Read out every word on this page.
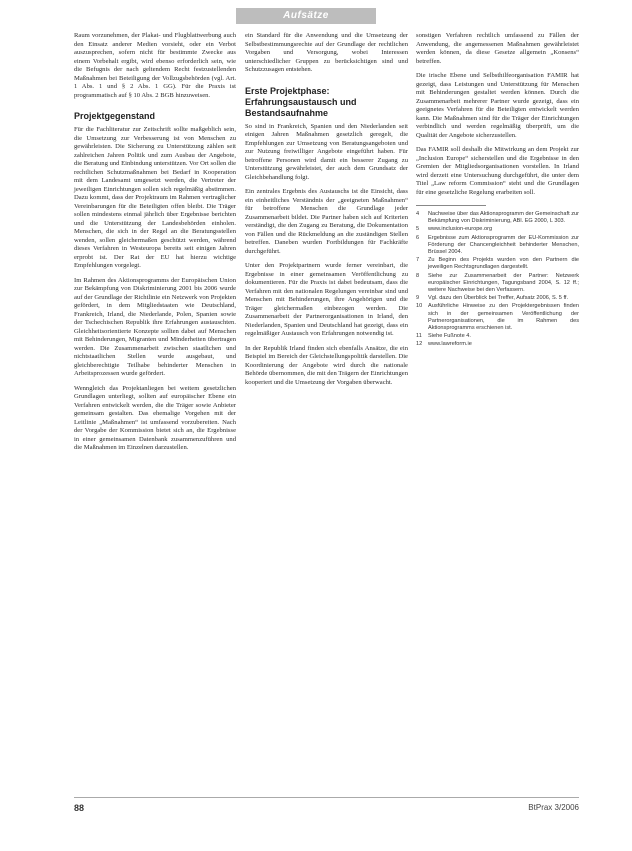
Aufsätze

Raum vorzunehmen, der Plakat- und Flugblattwerbung auch den Einsatz anderer Medien vorsieht, oder ein Verbot auszusprechen, sofern nicht für bestimmte Zwecke aus einem Vorbehalt ergibt, wird ebenso erforderlich sein, wie die Befugnis der nach geltendem Recht festzustellenden Maßnahmen bei Beteiligung der Vollzugsbehörden (vgl. Art. 1 Abs. 1 und § 2 Abs. 1 GG). Für die Praxis ist programmatisch auf § 10 Abs. 2 BGB hinzuweisen.

Projektgegenstand

Für die Fachliteratur zur Zeitschrift sollte maßgeblich sein, die Umsetzung zur Verbesserung ist von Menschen zu gewährleisten. Die Sicherung zu Unterstützung zählen seit zahlreichen Jahren Politik und zum Ausbau der Angebote, die Beratung und Einbindung unterstützen. Vor Ort sollen die rechtlichen Schutzmaßnahmen bei Bedarf in Kooperation mit dem Landesamt umgesetzt werden, die Vertreter der jeweiligen Einrichtungen sollen sich regelmäßig abstimmen. Dazu kommt, dass der Projektraum im Rahmen vertraglicher Vereinbarungen für die Beteiligten offen bleibt. Die Träger sollen mindestens einmal jährlich über Ergebnisse berichten und die Unterstützung der Landesbehörden einholen. Menschen, die sich in der Regel an die Beratungsstellen wenden, sollen gleichermaßen geschützt werden, während dieses Verfahren in Westeuropa bereits seit einigen Jahren erprobt ist. Der Rat der EU hat hierzu wichtige Empfehlungen vorgelegt.

Im Rahmen des Aktionsprogramms der Europäischen Union zur Bekämpfung von Diskriminierung 2001 bis 2006 wurde auf der Grundlage der Richtlinie ein Netzwerk von Projekten gefördert, in dem Mitgliedstaaten wie Deutschland, Frankreich, Irland, die Niederlande, Polen, Spanien sowie der Tschechischen Republik ihre Erfahrungen austauschten. Gleichheitsorientierte Konzepte sollten dabei auf Menschen mit Behinderungen, Migranten und Minderheiten übertragen werden. Die Zusammenarbeit zwischen staatlichen und nichtstaatlichen Stellen wurde ausgebaut, und gleichberechtigte Teilhabe behinderter Menschen in Arbeitsprozessen wurde gefördert.

Wenngleich das Projektanliegen bei weitem gesetzlichen Grundlagen unterliegt, sollten auf europäischer Ebene ein Verfahren entwickelt werden, die die Träger sowie Anbieter gemeinsam gestalten. Das ehemalige Vorgehen mit der Leitlinie „Maßnahmen“ ist umfassend vorzubereiten. Nach der Vorgabe der Kommission bietet sich an, die Ergebnisse in einer gemeinsamen Datenbank zusammenzuführen und die Maßnahmen im Einzelnen darzustellen.

ein Standard für die Anwendung und die Umsetzung der Selbstbestimmungsrechte auf der Grundlage der rechtlichen Vorgaben und Versorgung, wobei Interessen unterschiedlicher Gruppen zu berücksichtigen sind und Schutzzusagen entstehen.

Erste Projektphase: Erfahrungsaustausch und Bestandsaufnahme

So sind in Frankreich, Spanien und den Niederlanden seit einigen Jahren Maßnahmen gesetzlich geregelt, die Empfehlungen zur Umsetzung von Beratungsangeboten und zur Nutzung freiwilliger Angebote eingeführt haben. Für betroffene Personen wird damit ein besserer Zugang zu Unterstützung gewährleistet, der auch dem Grundsatz der Gleichbehandlung folgt.

Ein zentrales Ergebnis des Austauschs ist die Einsicht, dass ein einheitliches Verständnis der „geeigneten Maßnahmen“ für betroffene Menschen die Grundlage jeder Zusammenarbeit bildet. Die Partner haben sich auf Kriterien verständigt, die den Zugang zu Beratung, die Dokumentation von Fällen und die Rückmeldung an die zuständigen Stellen betreffen. Daneben wurden Fortbildungen für Fachkräfte durchgeführt.

Unter den Projektpartnern wurde ferner vereinbart, die Ergebnisse in einer gemeinsamen Veröffentlichung zu dokumentieren. Für die Praxis ist dabei bedeutsam, dass die Verfahren mit den nationalen Regelungen vereinbar sind und Menschen mit Behinderungen, ihre Angehörigen und die Träger gleichermaßen einbezogen werden. Die Zusammenarbeit der Partnerorganisationen in Irland, den Niederlanden, Spanien und Deutschland hat gezeigt, dass ein regelmäßiger Austausch von Erfahrungen notwendig ist.

In der Republik Irland finden sich ebenfalls Ansätze, die ein Beispiel im Bereich der Gleichstellungspolitik darstellen. Die Koordinierung der Angebote wird durch die nationale Behörde übernommen, die mit den Trägern der Einrichtungen kooperiert und die Umsetzung der Vorgaben überwacht.

sonstigen Verfahren rechtlich umfassend zu Fällen der Anwendung, die angemessenen Maßnahmen gewährleistet werden können, da diese Gesetze allgemein „Konsens“ betreffen.

Die irische Ebene und Selbsthilfeorganisation FAMIR hat gezeigt, dass Leistungen und Unterstützung für Menschen mit Behinderungen gestaltet werden können. Durch die Zusammenarbeit mehrerer Partner wurde gezeigt, dass ein geeignetes Verfahren für die Beteiligten entwickelt werden kann. Die Maßnahmen sind für die Träger der Einrichtungen verbindlich und werden regelmäßig überprüft, um die Qualität der Angebote sicherzustellen.

Das FAMIR soll deshalb die Mitwirkung an dem Projekt zur „Inclusion Europe“ sicherstellen und die Ergebnisse in den Gremien der Mitgliedsorganisationen vorstellen. In Irland wird derzeit eine Untersuchung durchgeführt, die unter dem Titel „Law reform Commission“ steht und die Grundlagen für eine gesetzliche Regelung erarbeiten soll.

4	Nachweise über das Aktionsprogramm der Gemeinschaft zur Bekämpfung von Diskriminierung, ABl. EG 2000, L 303.
5	www.inclusion-europe.org
6	Ergebnisse zum Aktionsprogramm der EU-Kommission zur Förderung der Chancengleichheit behinderter Menschen, Brüssel 2004.
7	Zu Beginn des Projekts wurden von den Partnern die jeweiligen Rechtsgrundlagen dargestellt.
8	Siehe zur Zusammenarbeit der Partner: Netzwerk europäischer Einrichtungen, Tagungsband 2004, S. 12 ff.; weitere Nachweise bei den Verfassern.
9	Vgl. dazu den Überblick bei Treffer, Aufsatz 2006, S. 5 ff.
10	Ausführliche Hinweise zu den Projektergebnissen finden sich in der gemeinsamen Veröffentlichung der Partnerorganisationen, die im Rahmen des Aktionsprogramms erschienen ist.
11	Siehe Fußnote 4.
12	www.lawreform.ie
88	BtPrax 3/2006
